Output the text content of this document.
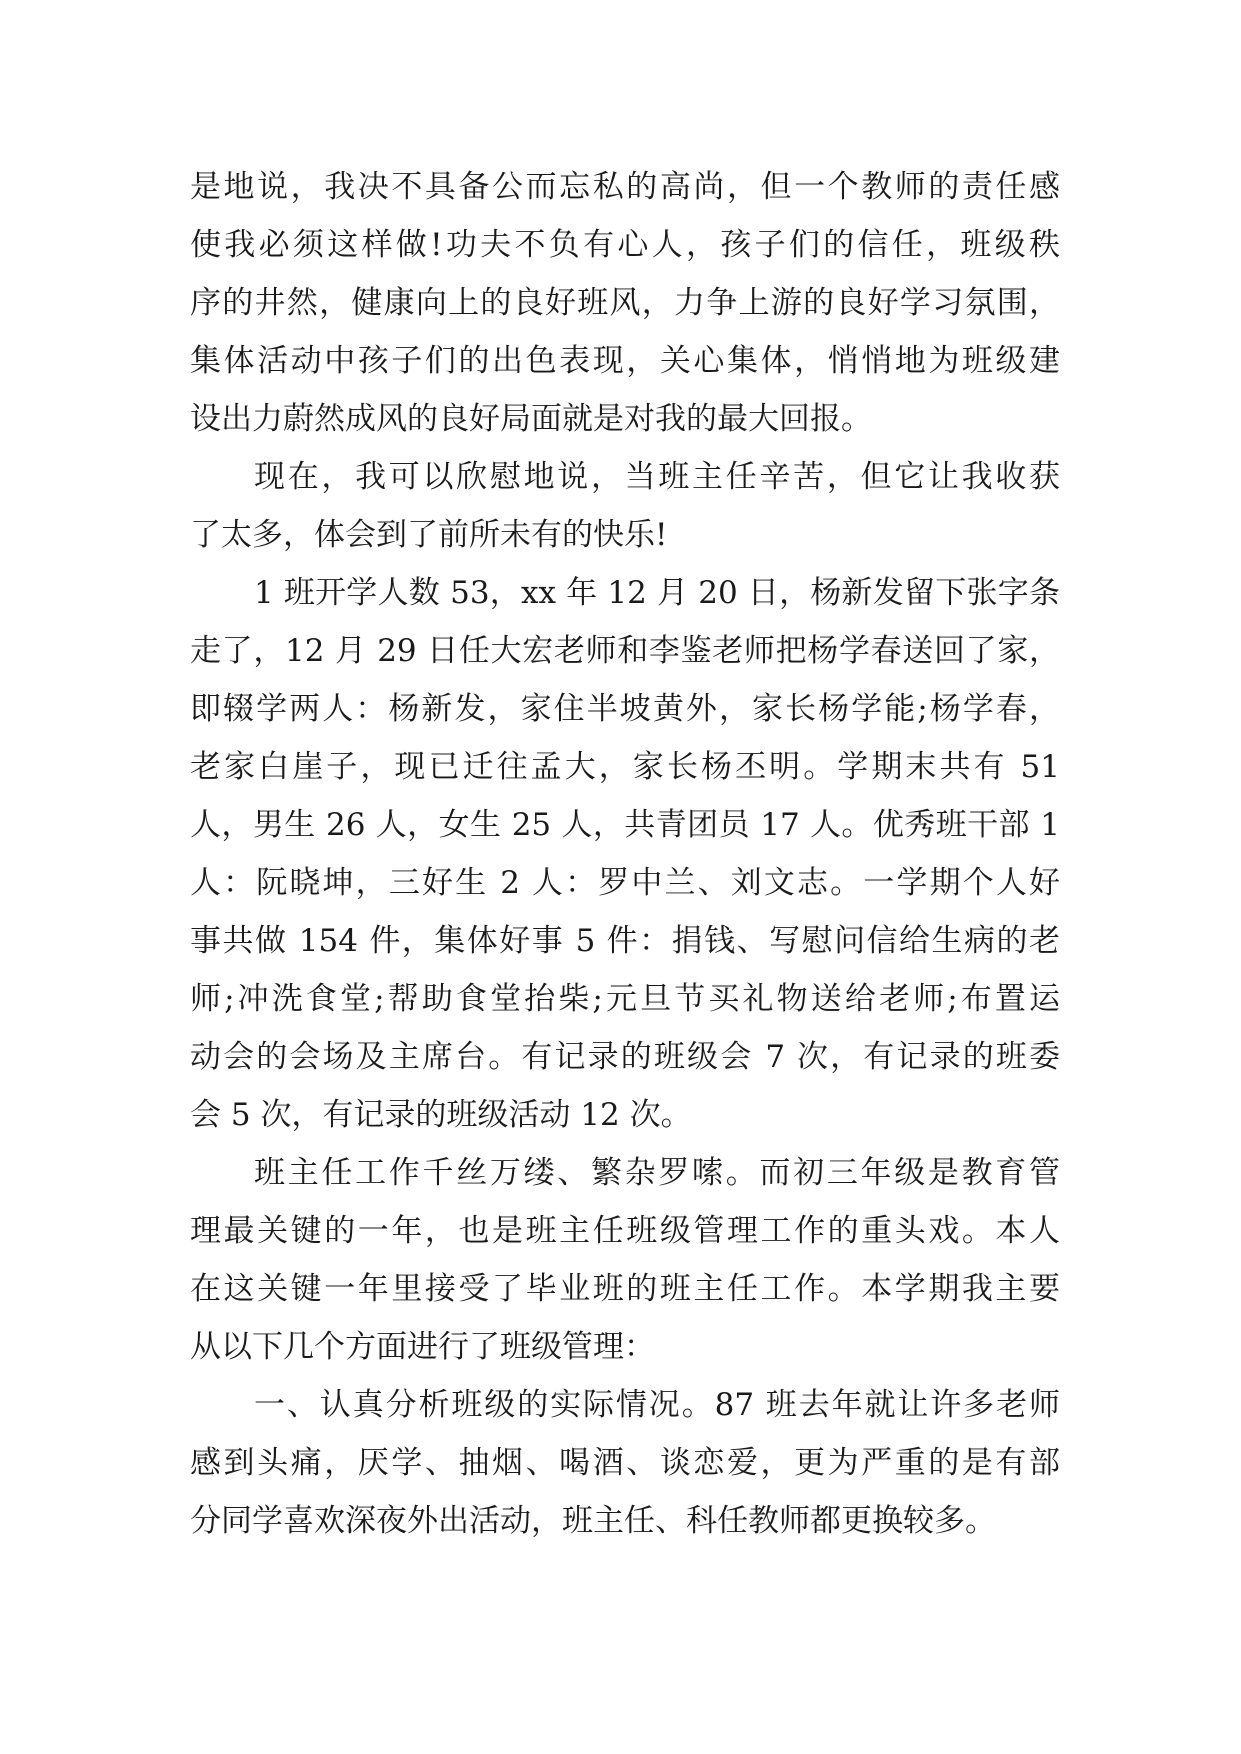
是地说，我决不具备公而忘私的高尚，但一个教师的责任感
使我必须这样做!功夫不负有心人，孩子们的信任，班级秩
序的井然，健康向上的良好班风，力争上游的良好学习氛围，
集体活动中孩子们的出色表现，关心集体，悄悄地为班级建
设出力蔚然成风的良好局面就是对我的最大回报。
现在，我可以欣慰地说，当班主任辛苦，但它让我收获
了太多，体会到了前所未有的快乐!
1 班开学人数 53，xx 年 12 月 20 日，杨新发留下张字条
走了，12 月 29 日任大宏老师和李鉴老师把杨学春送回了家，
即辍学两人：杨新发，家住半坡黄外，家长杨学能;杨学春，
老家白崖子，现已迁往孟大，家长杨丕明。学期末共有 51
人，男生 26 人，女生 25 人，共青团员 17 人。优秀班干部 1
人：阮晓坤，三好生 2 人：罗中兰、刘文志。一学期个人好
事共做 154 件，集体好事 5 件：捐钱、写慰问信给生病的老
师;冲洗食堂;帮助食堂抬柴;元旦节买礼物送给老师;布置运
动会的会场及主席台。有记录的班级会 7 次，有记录的班委
会 5 次，有记录的班级活动 12 次。
班主任工作千丝万缕、繁杂罗嗦。而初三年级是教育管
理最关键的一年，也是班主任班级管理工作的重头戏。本人
在这关键一年里接受了毕业班的班主任工作。本学期我主要
从以下几个方面进行了班级管理：
一、认真分析班级的实际情况。87 班去年就让许多老师
感到头痛，厌学、抽烟、喝酒、谈恋爱，更为严重的是有部
分同学喜欢深夜外出活动，班主任、科任教师都更换较多。
